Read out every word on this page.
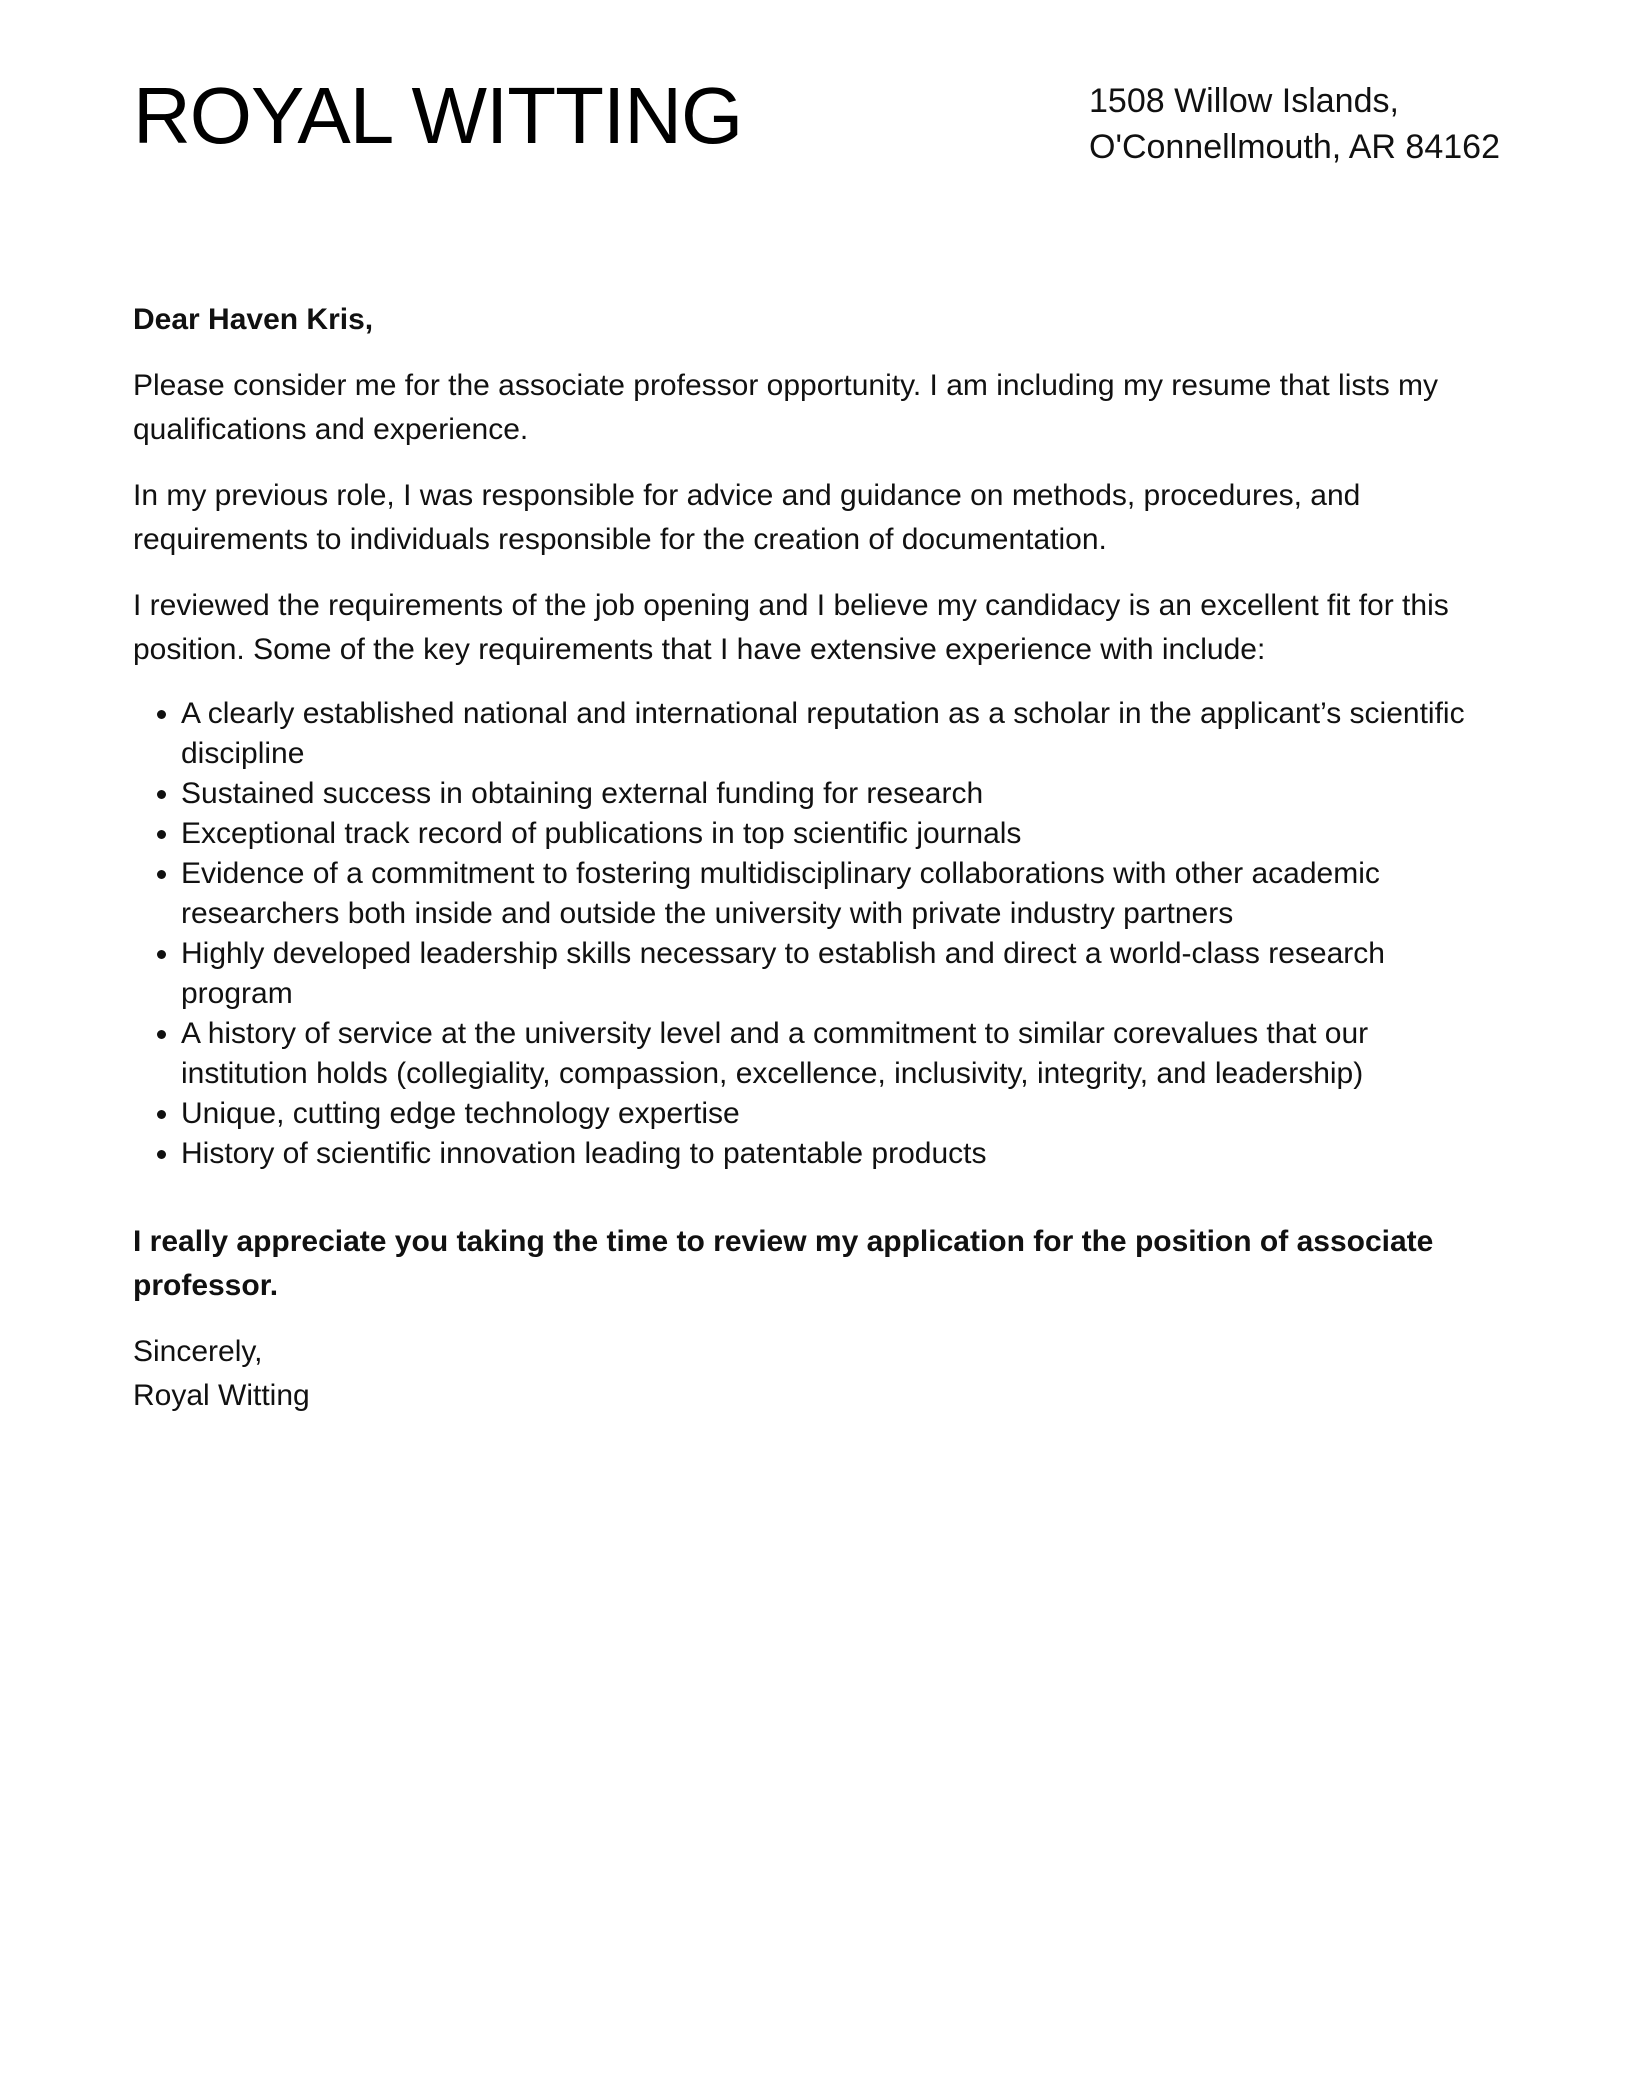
ROYAL WITTING	1508 Willow Islands,
O'Connellmouth, AR 84162

Dear Haven Kris,

Please consider me for the associate professor opportunity. I am including my resume that lists my qualifications and experience.

In my previous role, I was responsible for advice and guidance on methods, procedures, and requirements to individuals responsible for the creation of documentation.

I reviewed the requirements of the job opening and I believe my candidacy is an excellent fit for this position. Some of the key requirements that I have extensive experience with include:

• A clearly established national and international reputation as a scholar in the applicant’s scientific discipline
• Sustained success in obtaining external funding for research
• Exceptional track record of publications in top scientific journals
• Evidence of a commitment to fostering multidisciplinary collaborations with other academic researchers both inside and outside the university with private industry partners
• Highly developed leadership skills necessary to establish and direct a world-class research program
• A history of service at the university level and a commitment to similar corevalues that our institution holds (collegiality, compassion, excellence, inclusivity, integrity, and leadership)
• Unique, cutting edge technology expertise
• History of scientific innovation leading to patentable products

I really appreciate you taking the time to review my application for the position of associate professor.

Sincerely,

Royal Witting
